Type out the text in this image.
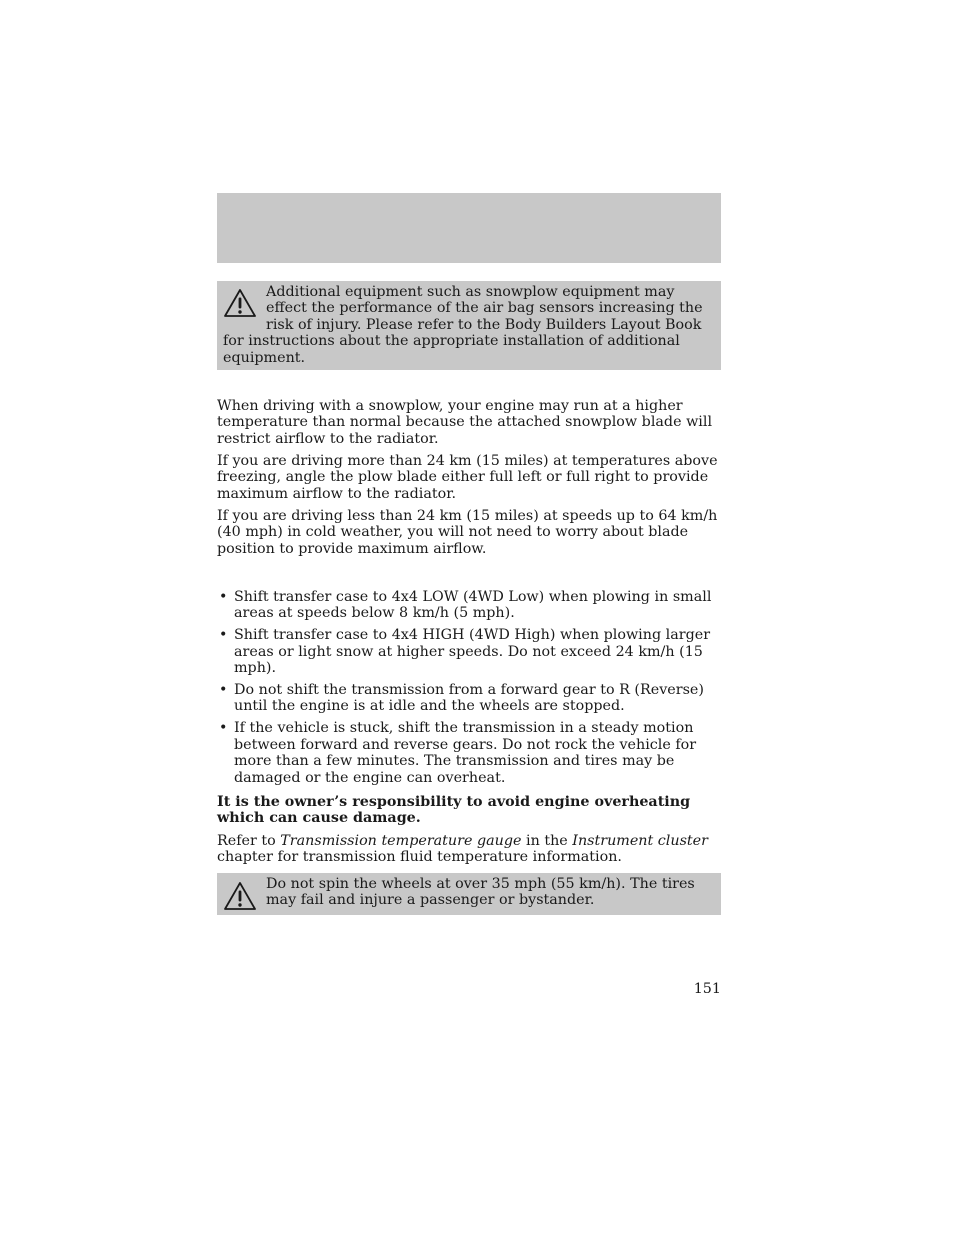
Additional equipment such as snowplow equipment may effect the performance of the air bag sensors increasing the risk of injury. Please refer to the Body Builders Layout Book for instructions about the appropriate installation of additional equipment.

When driving with a snowplow, your engine may run at a higher temperature than normal because the attached snowplow blade will restrict airflow to the radiator.

If you are driving more than 24 km (15 miles) at temperatures above freezing, angle the plow blade either full left or full right to provide maximum airflow to the radiator.

If you are driving less than 24 km (15 miles) at speeds up to 64 km/h (40 mph) in cold weather, you will not need to worry about blade position to provide maximum airflow.

• Shift transfer case to 4x4 LOW (4WD Low) when plowing in small areas at speeds below 8 km/h (5 mph).
• Shift transfer case to 4x4 HIGH (4WD High) when plowing larger areas or light snow at higher speeds. Do not exceed 24 km/h (15 mph).
• Do not shift the transmission from a forward gear to R (Reverse) until the engine is at idle and the wheels are stopped.
• If the vehicle is stuck, shift the transmission in a steady motion between forward and reverse gears. Do not rock the vehicle for more than a few minutes. The transmission and tires may be damaged or the engine can overheat.

It is the owner’s responsibility to avoid engine overheating which can cause damage.

Refer to Transmission temperature gauge in the Instrument cluster chapter for transmission fluid temperature information.

Do not spin the wheels at over 35 mph (55 km/h). The tires may fail and injure a passenger or bystander.
151
